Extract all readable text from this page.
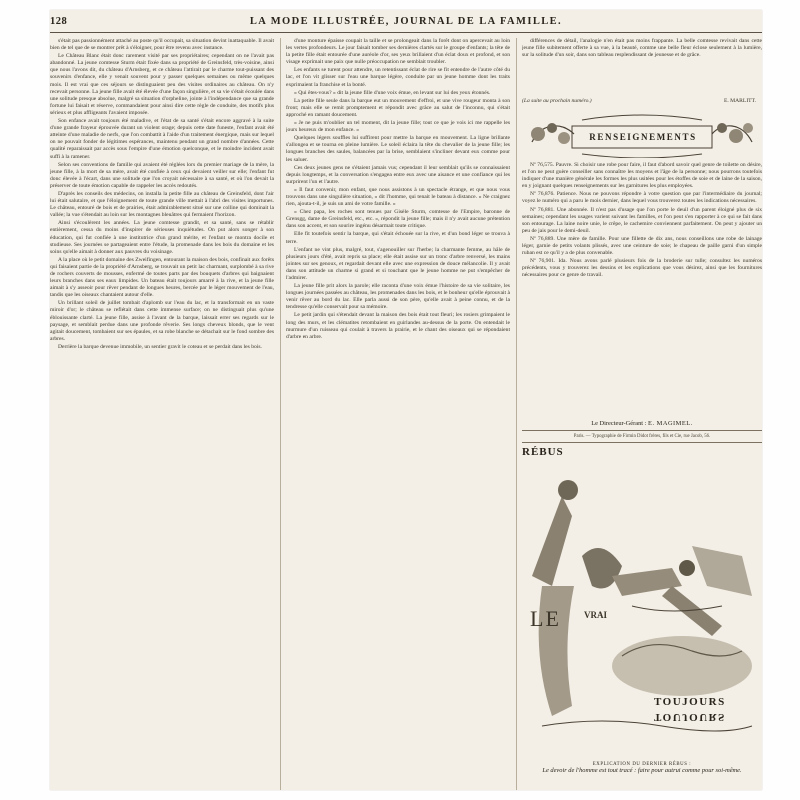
128	LA MODE ILLUSTRÉE, JOURNAL DE LA FAMILLE.

s'était pas passionnément attaché au poste qu'il occupait, sa situation devint inattaquable. Il avait bien de tel que de se montrer prêt à s'éloigner, pour être revenu avec instance.

Le Château Blanc était donc rarement visité par ses propriétaires; cependant on ne l'avait pas abandonné. La jeune comtesse Sturm était fixée dans sa propriété de Greinsfeld, très-voisine, ainsi que nous l'avons dit, du château d'Arnsberg, et ce château l'attirait par le charme tout-puissant des souvenirs d'enfance, elle y venait souvent pour y passer quelques semaines ou même quelques mois. Il est vrai que ces séjours se distinguaient peu des visites ordinaires au château. On n'y recevait personne. La jeune fille avait été élevée d'une façon singulière, et sa vie s'était écoulée dans une solitude presque absolue, malgré sa situation d'orpheline, jointe à l'indépendance que sa grande fortune lui faisait et réserve, commandaient pour ainsi dire cette règle de conduite, des motifs plus sérieux et plus affligeants l'avaient imposée.

Son enfance avait toujours été maladive, et l'état de sa santé s'était encore aggravé à la suite d'une grande frayeur éprouvée durant un violent orage; depuis cette date funeste, l'enfant avait été atteinte d'une maladie de nerfs, que l'on combattit à l'aide d'un traitement énergique, mais sur lequel on ne pouvait fonder de légitimes espérances, maintenu pendant un grand nombre d'années. Cette qualité reparaissait par accès sous l'empire d'une émotion quelconque, et le moindre incident avait suffi à la ramener.

Selon ses conventions de famille qui avaient été réglées lors du premier mariage de la mère, la jeune fille, à la mort de sa mère, avait été confiée à ceux qui devaient veiller sur elle; l'enfant fut donc élevée à l'écart, dans une solitude que l'on croyait nécessaire à sa santé, et où l'on devait la préserver de toute émotion capable de rappeler les accès redoutés.

D'après les conseils des médecins, on installa la petite fille au château de Greinsfeld, dont l'air lui était salutaire, et que l'éloignement de toute grande ville mettait à l'abri des visites importunes. Le château, entouré de bois et de prairies, était admirablement situé sur une colline qui dominait la vallée; la vue s'étendait au loin sur les montagnes bleuâtres qui fermaient l'horizon.

Ainsi s'écoulèrent les années. La jeune comtesse grandit, et sa santé, sans se rétablir entièrement, cessa du moins d'inspirer de sérieuses inquiétudes. On put alors songer à son éducation, qui fut confiée à une institutrice d'un grand mérite, et l'enfant se montra docile et studieuse. Ses journées se partageaient entre l'étude, la promenade dans les bois du domaine et les soins qu'elle aimait à donner aux pauvres du voisinage.

A la place où le petit domaine des Zweifingen, entourant la maison des bois, confinait aux forêts qui faisaient partie de la propriété d'Arnsberg, se trouvait un petit lac charmant, surplombé à sa rive de rochers couverts de mousses, enfermé de toutes parts par des bouquets d'arbres qui baignaient leurs branches dans ses eaux limpides. Un bateau était toujours amarré à la rive, et la jeune fille aimait à s'y asseoir pour rêver pendant de longues heures, bercée par le léger mouvement de l'eau, tandis que les oiseaux chantaient autour d'elle.

Un brillant soleil de juillet tombait d'aplomb sur l'eau du lac, et la transformait en un vaste miroir d'or; le château se reflétait dans cette immense surface; on ne distinguait plus qu'une éblouissante clarté. La jeune fille, assise à l'avant de la barque, laissait errer ses regards sur le paysage, et semblait perdue dans une profonde rêverie. Ses longs cheveux blonds, que le vent agitait doucement, tombaient sur ses épaules, et sa robe blanche se détachait sur le fond sombre des arbres.

Derrière la barque devenue immobile, un sentier gravit le coteau et se perdait dans les bois.

d'une monture épaisse coupait la taille et se prolongeait dans la forêt dont on apercevait au loin les vertes profondeurs. Le jour faisait tomber ses dernières clartés sur le groupe d'enfants; la tête de la petite fille était entourée d'une auréole d'or, ses yeux brillaient d'un éclat doux et profond, et son visage exprimait une paix que nulle préoccupation ne semblait troubler.

Les enfants se turent pour attendre, un retentissant éclat de rire se fit entendre de l'autre côté du lac, et l'on vit glisser sur l'eau une barque légère, conduite par un jeune homme dont les traits exprimaient la franchise et la bonté.

« Qui êtes-vous? » dit la jeune fille d'une voix émue, en levant sur lui des yeux étonnés.

La petite fille seule dans la barque eut un mouvement d'effroi, et une vive rougeur monta à son front; mais elle se remit promptement et répondit avec grâce au salut de l'inconnu, qui s'était approché en ramant doucement.

« Je ne puis m'oublier un tel moment, dit la jeune fille; tout ce que je vois ici me rappelle les jours heureux de mon enfance. »

Quelques légers souffles lui suffirent pour mettre la barque en mouvement. La ligne brillante s'allongea et se tourna en pleine lumière. Le soleil éclaira la tête du chevalier de la jeune fille; les longues branches des saules, balancées par la brise, semblaient s'incliner devant eux comme pour les saluer.

Ces deux jeunes gens ne s'étaient jamais vus; cependant il leur semblait qu'ils se connaissaient depuis longtemps, et la conversation s'engagea entre eux avec une aisance et une confiance qui les surprirent l'un et l'autre.

« Il faut convenir, mon enfant, que nous assistons à un spectacle étrange, et que nous vous trouvons dans une singulière situation, » dit l'homme, qui tenait le bateau à distance. « Ne craignez rien, ajouta-t-il, je suis un ami de votre famille. »

« Chez papa, les roches sont tenues par Gisèle Sturm, comtesse de l'Empire, baronne de Grensgg, dame de Greinsfeld, etc., etc. », répondit la jeune fille; mais il n'y avait aucune prétention dans son accent, et son sourire ingénu désarmait toute critique.

Elle fit toutefois sentir la barque, qui s'était échouée sur la rive, et d'un bond léger se trouva à terre.

L'enfant ne vint plus, malgré, tout, s'agenouiller sur l'herbe; la charmante femme, au hâle de plusieurs jours d'été, avait repris sa place; elle était assise sur un tronc d'arbre renversé, les mains jointes sur ses genoux, et regardait devant elle avec une expression de douce mélancolie. Il y avait dans son attitude un charme si grand et si touchant que le jeune homme ne put s'empêcher de l'admirer.

La jeune fille prit alors la parole; elle raconta d'une voix émue l'histoire de sa vie solitaire, les longues journées passées au château, les promenades dans les bois, et le bonheur qu'elle éprouvait à venir rêver au bord du lac. Elle parla aussi de son père, qu'elle avait à peine connu, et de la tendresse qu'elle conservait pour sa mémoire.

Le petit jardin qui s'étendait devant la maison des bois était tout fleuri; les rosiers grimpaient le long des murs, et les clématites retombaient en guirlandes au-dessus de la porte. On entendait le murmure d'un ruisseau qui coulait à travers la prairie, et le chant des oiseaux qui se répondaient d'arbre en arbre.

différences de détail, l'analogie n'en était pas moins frappante. La belle comtesse revivait dans cette jeune fille subitement offerte à sa vue, à la beauté, comme une belle fleur éclose seulement à la lumière, sur la solitude d'un soir, dans son tableau resplendissant de jeunesse et de grâce.

(La suite au prochain numéro.)	E. MARLITT.
RENSEIGNEMENTS

Nº 76,575. Pauvre. Si choisir une robe pour faire, il faut d'abord savoir quel genre de toilette on désire, et l'on ne peut guère conseiller sans connaître les moyens et l'âge de la personne; nous pourrons toutefois indiquer d'une manière générale les formes les plus usitées pour les étoffes de soie et de laine de la saison, en y joignant quelques renseignements sur les garnitures les plus employées.

Nº 76,876. Patience. Nous ne pouvons répondre à votre question que par l'intermédiaire du journal; voyez le numéro qui a paru le mois dernier, dans lequel vous trouverez toutes les indications nécessaires.

Nº 76,881. Une abonnée. Il n'est pas d'usage que l'on porte le deuil d'un parent éloigné plus de six semaines; cependant les usages varient suivant les familles, et l'on peut s'en rapporter à ce qui se fait dans son entourage. La laine noire unie, le crêpe, le cachemire conviennent parfaitement. On peut y ajouter un peu de jais pour le demi-deuil.

Nº 76,889. Une mère de famille. Pour une fillette de dix ans, nous conseillons une robe de lainage léger, garnie de petits volants plissés, avec une ceinture de soie; le chapeau de paille garni d'un simple ruban est ce qu'il y a de plus convenable.

Nº 76,901. Ida. Nous avons parlé plusieurs fois de la broderie sur tulle; consultez les numéros précédents, vous y trouverez les dessins et les explications que vous désirez, ainsi que les fournitures nécessaires pour ce genre de travail.

Le Directeur-Gérant : E. MAGIMEL.
Paris. — Typographie de Firmin Didot frères, fils et Cie, rue Jacob, 56.
RÉBUS
LE	VRAI
TOUJOURS
TOUJOURS
EXPLICATION DU DERNIER RÉBUS :
Le devoir de l'homme est tout tracé : faire pour autrui comme pour soi-même.
